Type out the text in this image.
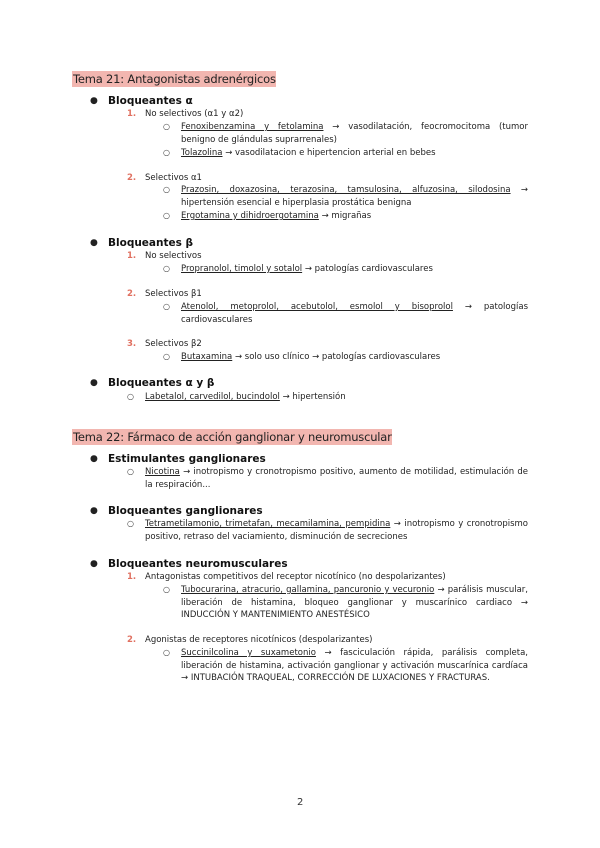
Tema 21: Antagonistas adrenérgicos
● Bloqueantes α
1. No selectivos (α1 y α2)
○ Fenoxibenzamina y fetolamina → vasodilatación, feocromocitoma (tumor benigno de glándulas suprarrenales)
○ Tolazolina → vasodilatacion e hipertencion arterial en bebes
2. Selectivos α1
○ Prazosin, doxazosina, terazosina, tamsulosina, alfuzosina, silodosina → hipertensión esencial e hiperplasia prostática benigna
○ Ergotamina y dihidroergotamina → migrañas
● Bloqueantes β
1. No selectivos
○ Propranolol, timolol y sotalol → patologías cardiovasculares
2. Selectivos β1
○ Atenolol, metoprolol, acebutolol, esmolol y bisoprolol → patologías cardiovasculares
3. Selectivos β2
○ Butaxamina → solo uso clínico → patologías cardiovasculares
● Bloqueantes α y β
○ Labetalol, carvedilol, bucindolol → hipertensión
Tema 22: Fármaco de acción ganglionar y neuromuscular
● Estimulantes ganglionares
○ Nicotina → inotropismo y cronotropismo positivo, aumento de motilidad, estimulación de la respiración...
● Bloqueantes ganglionares
○ Tetrametilamonio, trimetafan, mecamilamina, pempidina → inotropismo y cronotropismo positivo, retraso del vaciamiento, disminución de secreciones
● Bloqueantes neuromusculares
1. Antagonistas competitivos del receptor nicotínico (no despolarizantes)
○ Tubocurarina, atracurio, gallamina, pancuronio y vecuronio → parálisis muscular, liberación de histamina, bloqueo ganglionar y muscarínico cardiaco → INDUCCIÓN Y MANTENIMIENTO ANESTÉSICO
2. Agonistas de receptores nicotínicos (despolarizantes)
○ Succinilcolina y suxametonio → fasciculación rápida, parálisis completa, liberación de histamina, activación ganglionar y activación muscarínica cardíaca → INTUBACIÓN TRAQUEAL, CORRECCIÓN DE LUXACIONES Y FRACTURAS.
2
